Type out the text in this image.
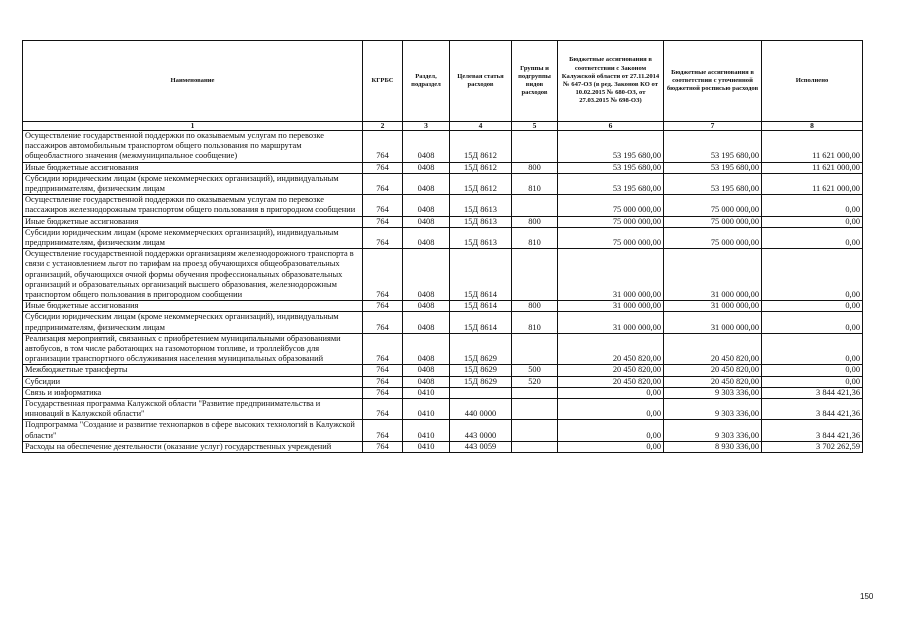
Наименование	КГРБС	Раздел, подраздел	Целевая статья расходов	Группы и подгруппы видов расходов	Бюджетные ассигнования в соответствии с Законом Калужской области от 27.11.2014 № 647-ОЗ (в ред. Законов КО от 10.02.2015 № 680-ОЗ, от 27.03.2015 № 698-ОЗ)	Бюджетные ассигнования в соответствии с уточненной бюджетной росписью расходов	Исполнено
1	2	3	4	5	6	7	8
Осуществление государственной поддержки по оказываемым услугам по перевозке пассажиров автомобильным транспортом общего пользования по маршрутам общеобластного значения (межмуниципальное сообщение)	764	0408	15Д 8612		53 195 680,00	53 195 680,00	11 621 000,00
Иные бюджетные ассигнования	764	0408	15Д 8612	800	53 195 680,00	53 195 680,00	11 621 000,00
Субсидии юридическим лицам (кроме некоммерческих организаций), индивидуальным предпринимателям, физическим лицам	764	0408	15Д 8612	810	53 195 680,00	53 195 680,00	11 621 000,00
Осуществление государственной поддержки по оказываемым услугам по перевозке пассажиров железнодорожным транспортом общего пользования в пригородном сообщении	764	0408	15Д 8613		75 000 000,00	75 000 000,00	0,00
Иные бюджетные ассигнования	764	0408	15Д 8613	800	75 000 000,00	75 000 000,00	0,00
Субсидии юридическим лицам (кроме некоммерческих организаций), индивидуальным предпринимателям, физическим лицам	764	0408	15Д 8613	810	75 000 000,00	75 000 000,00	0,00
Осуществление государственной поддержки организациям железнодорожного транспорта в связи с установлением льгот по тарифам на проезд обучающихся общеобразовательных организаций, обучающихся очной формы обучения профессиональных образовательных организаций и образовательных организаций высшего образования, железнодорожным транспортом общего пользования в пригородном сообщении	764	0408	15Д 8614		31 000 000,00	31 000 000,00	0,00
Иные бюджетные ассигнования	764	0408	15Д 8614	800	31 000 000,00	31 000 000,00	0,00
Субсидии юридическим лицам (кроме некоммерческих организаций), индивидуальным предпринимателям, физическим лицам	764	0408	15Д 8614	810	31 000 000,00	31 000 000,00	0,00
Реализация мероприятий, связанных с приобретением муниципальными образованиями автобусов, в том числе работающих на газомоторном топливе, и троллейбусов для организации транспортного обслуживания населения муниципальных образований	764	0408	15Д 8629		20 450 820,00	20 450 820,00	0,00
Межбюджетные трансферты	764	0408	15Д 8629	500	20 450 820,00	20 450 820,00	0,00
Субсидии	764	0408	15Д 8629	520	20 450 820,00	20 450 820,00	0,00
Связь и информатика	764	0410			0,00	9 303 336,00	3 844 421,36
Государственная программа Калужской области "Развитие предпринимательства и инноваций в Калужской области"	764	0410	440 0000		0,00	9 303 336,00	3 844 421,36
Подпрограмма "Создание и развитие технопарков в сфере высоких технологий в Калужской области"	764	0410	443 0000		0,00	9 303 336,00	3 844 421,36
Расходы на обеспечение деятельности (оказание услуг) государственных учреждений	764	0410	443 0059		0,00	8 930 336,00	3 702 262,59
150
